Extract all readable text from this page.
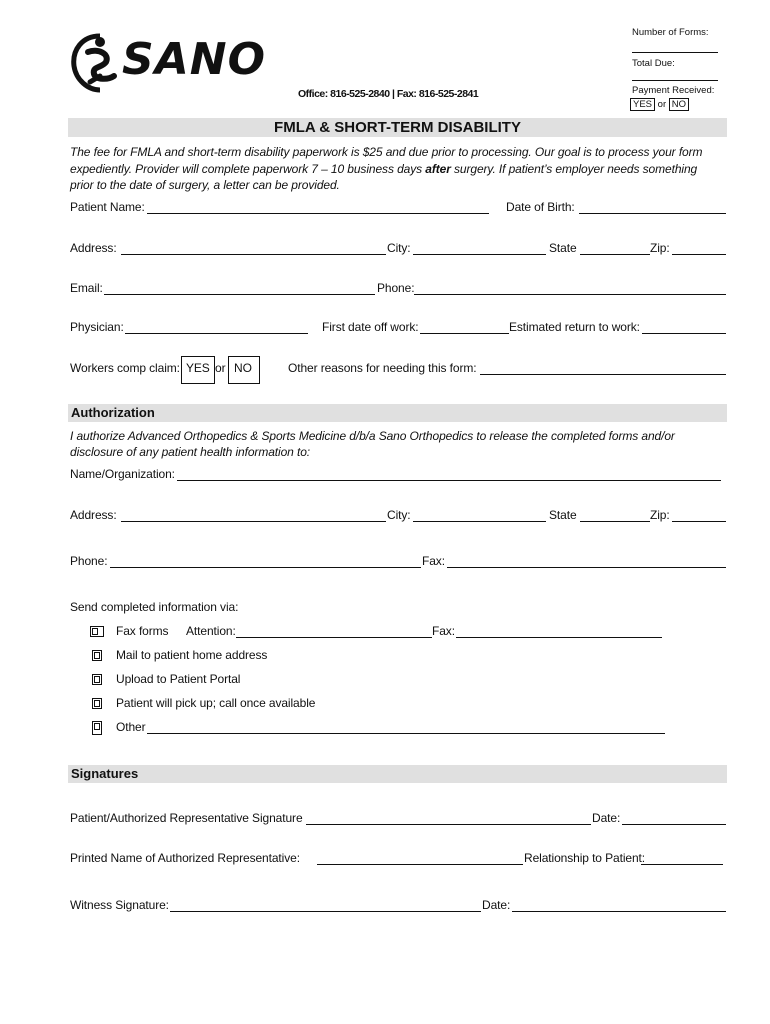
SANO
Office: 816-525-2840 | Fax: 816-525-2841
Number of Forms:
Total Due:
Payment Received:
YES or NO
FMLA & SHORT-TERM DISABILITY
The fee for FMLA and short-term disability paperwork is $25 and due prior to processing. Our goal is to process your form
expediently. Provider will complete paperwork 7 – 10 business days after surgery. If patient’s employer needs something
prior to the date of surgery, a letter can be provided.
Patient Name:	Date of Birth:
Address:	City:	State	Zip:
Email:	Phone:
Physician:	First date off work:	Estimated return to work:
Workers comp claim: YES or NO	Other reasons for needing this form:
Authorization
I authorize Advanced Orthopedics & Sports Medicine d/b/a Sano Orthopedics to release the completed forms and/or
disclosure of any patient health information to:
Name/Organization:
Address:	City:	State	Zip:
Phone:	Fax:
Send completed information via:
Fax forms Attention:	Fax:
Mail to patient home address
Upload to Patient Portal
Patient will pick up; call once available
Other
Signatures
Patient/Authorized Representative Signature	Date:
Printed Name of Authorized Representative:	Relationship to Patient:
Witness Signature:	Date:
